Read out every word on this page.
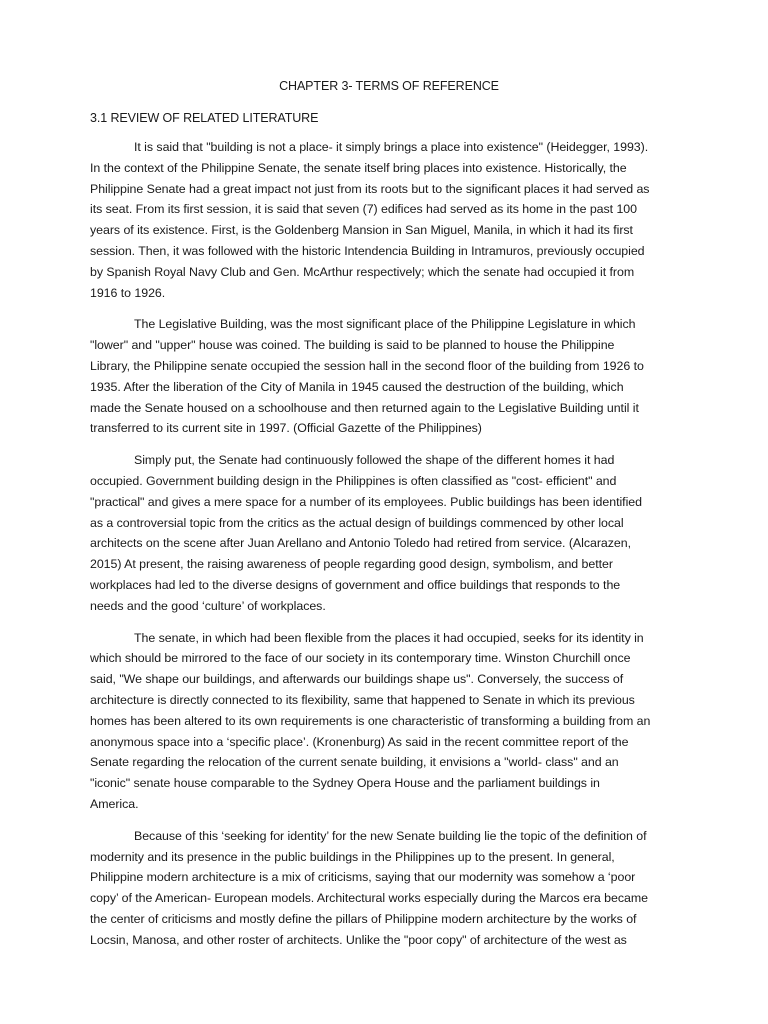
CHAPTER 3- TERMS OF REFERENCE
3.1 REVIEW OF RELATED LITERATURE
It is said that "building is not a place- it simply brings a place into existence" (Heidegger, 1993).
In the context of the Philippine Senate, the senate itself bring places into existence. Historically, the
Philippine Senate had a great impact not just from its roots but to the significant places it had served as
its seat. From its first session, it is said that seven (7) edifices had served as its home in the past 100
years of its existence. First, is the Goldenberg Mansion in San Miguel, Manila, in which it had its first
session. Then, it was followed with the historic Intendencia Building in Intramuros, previously occupied
by Spanish Royal Navy Club and Gen. McArthur respectively; which the senate had occupied it from
1916 to 1926.
The Legislative Building, was the most significant place of the Philippine Legislature in which
"lower" and "upper" house was coined. The building is said to be planned to house the Philippine
Library, the Philippine senate occupied the session hall in the second floor of the building from 1926 to
1935. After the liberation of the City of Manila in 1945 caused the destruction of the building, which
made the Senate housed on a schoolhouse and then returned again to the Legislative Building until it
transferred to its current site in 1997. (Official Gazette of the Philippines)
Simply put, the Senate had continuously followed the shape of the different homes it had
occupied. Government building design in the Philippines is often classified as "cost- efficient" and
"practical" and gives a mere space for a number of its employees. Public buildings has been identified
as a controversial topic from the critics as the actual design of buildings commenced by other local
architects on the scene after Juan Arellano and Antonio Toledo had retired from service. (Alcarazen,
2015) At present, the raising awareness of people regarding good design, symbolism, and better
workplaces had led to the diverse designs of government and office buildings that responds to the
needs and the good ‘culture’ of workplaces.
The senate, in which had been flexible from the places it had occupied, seeks for its identity in
which should be mirrored to the face of our society in its contemporary time. Winston Churchill once
said, "We shape our buildings, and afterwards our buildings shape us". Conversely, the success of
architecture is directly connected to its flexibility, same that happened to Senate in which its previous
homes has been altered to its own requirements is one characteristic of transforming a building from an
anonymous space into a ‘specific place’. (Kronenburg) As said in the recent committee report of the
Senate regarding the relocation of the current senate building, it envisions a "world- class" and an
"iconic" senate house comparable to the Sydney Opera House and the parliament buildings in
America.
Because of this ‘seeking for identity’ for the new Senate building lie the topic of the definition of
modernity and its presence in the public buildings in the Philippines up to the present. In general,
Philippine modern architecture is a mix of criticisms, saying that our modernity was somehow a ‘poor
copy’ of the American- European models. Architectural works especially during the Marcos era became
the center of criticisms and mostly define the pillars of Philippine modern architecture by the works of
Locsin, Manosa, and other roster of architects. Unlike the "poor copy" of architecture of the west as
